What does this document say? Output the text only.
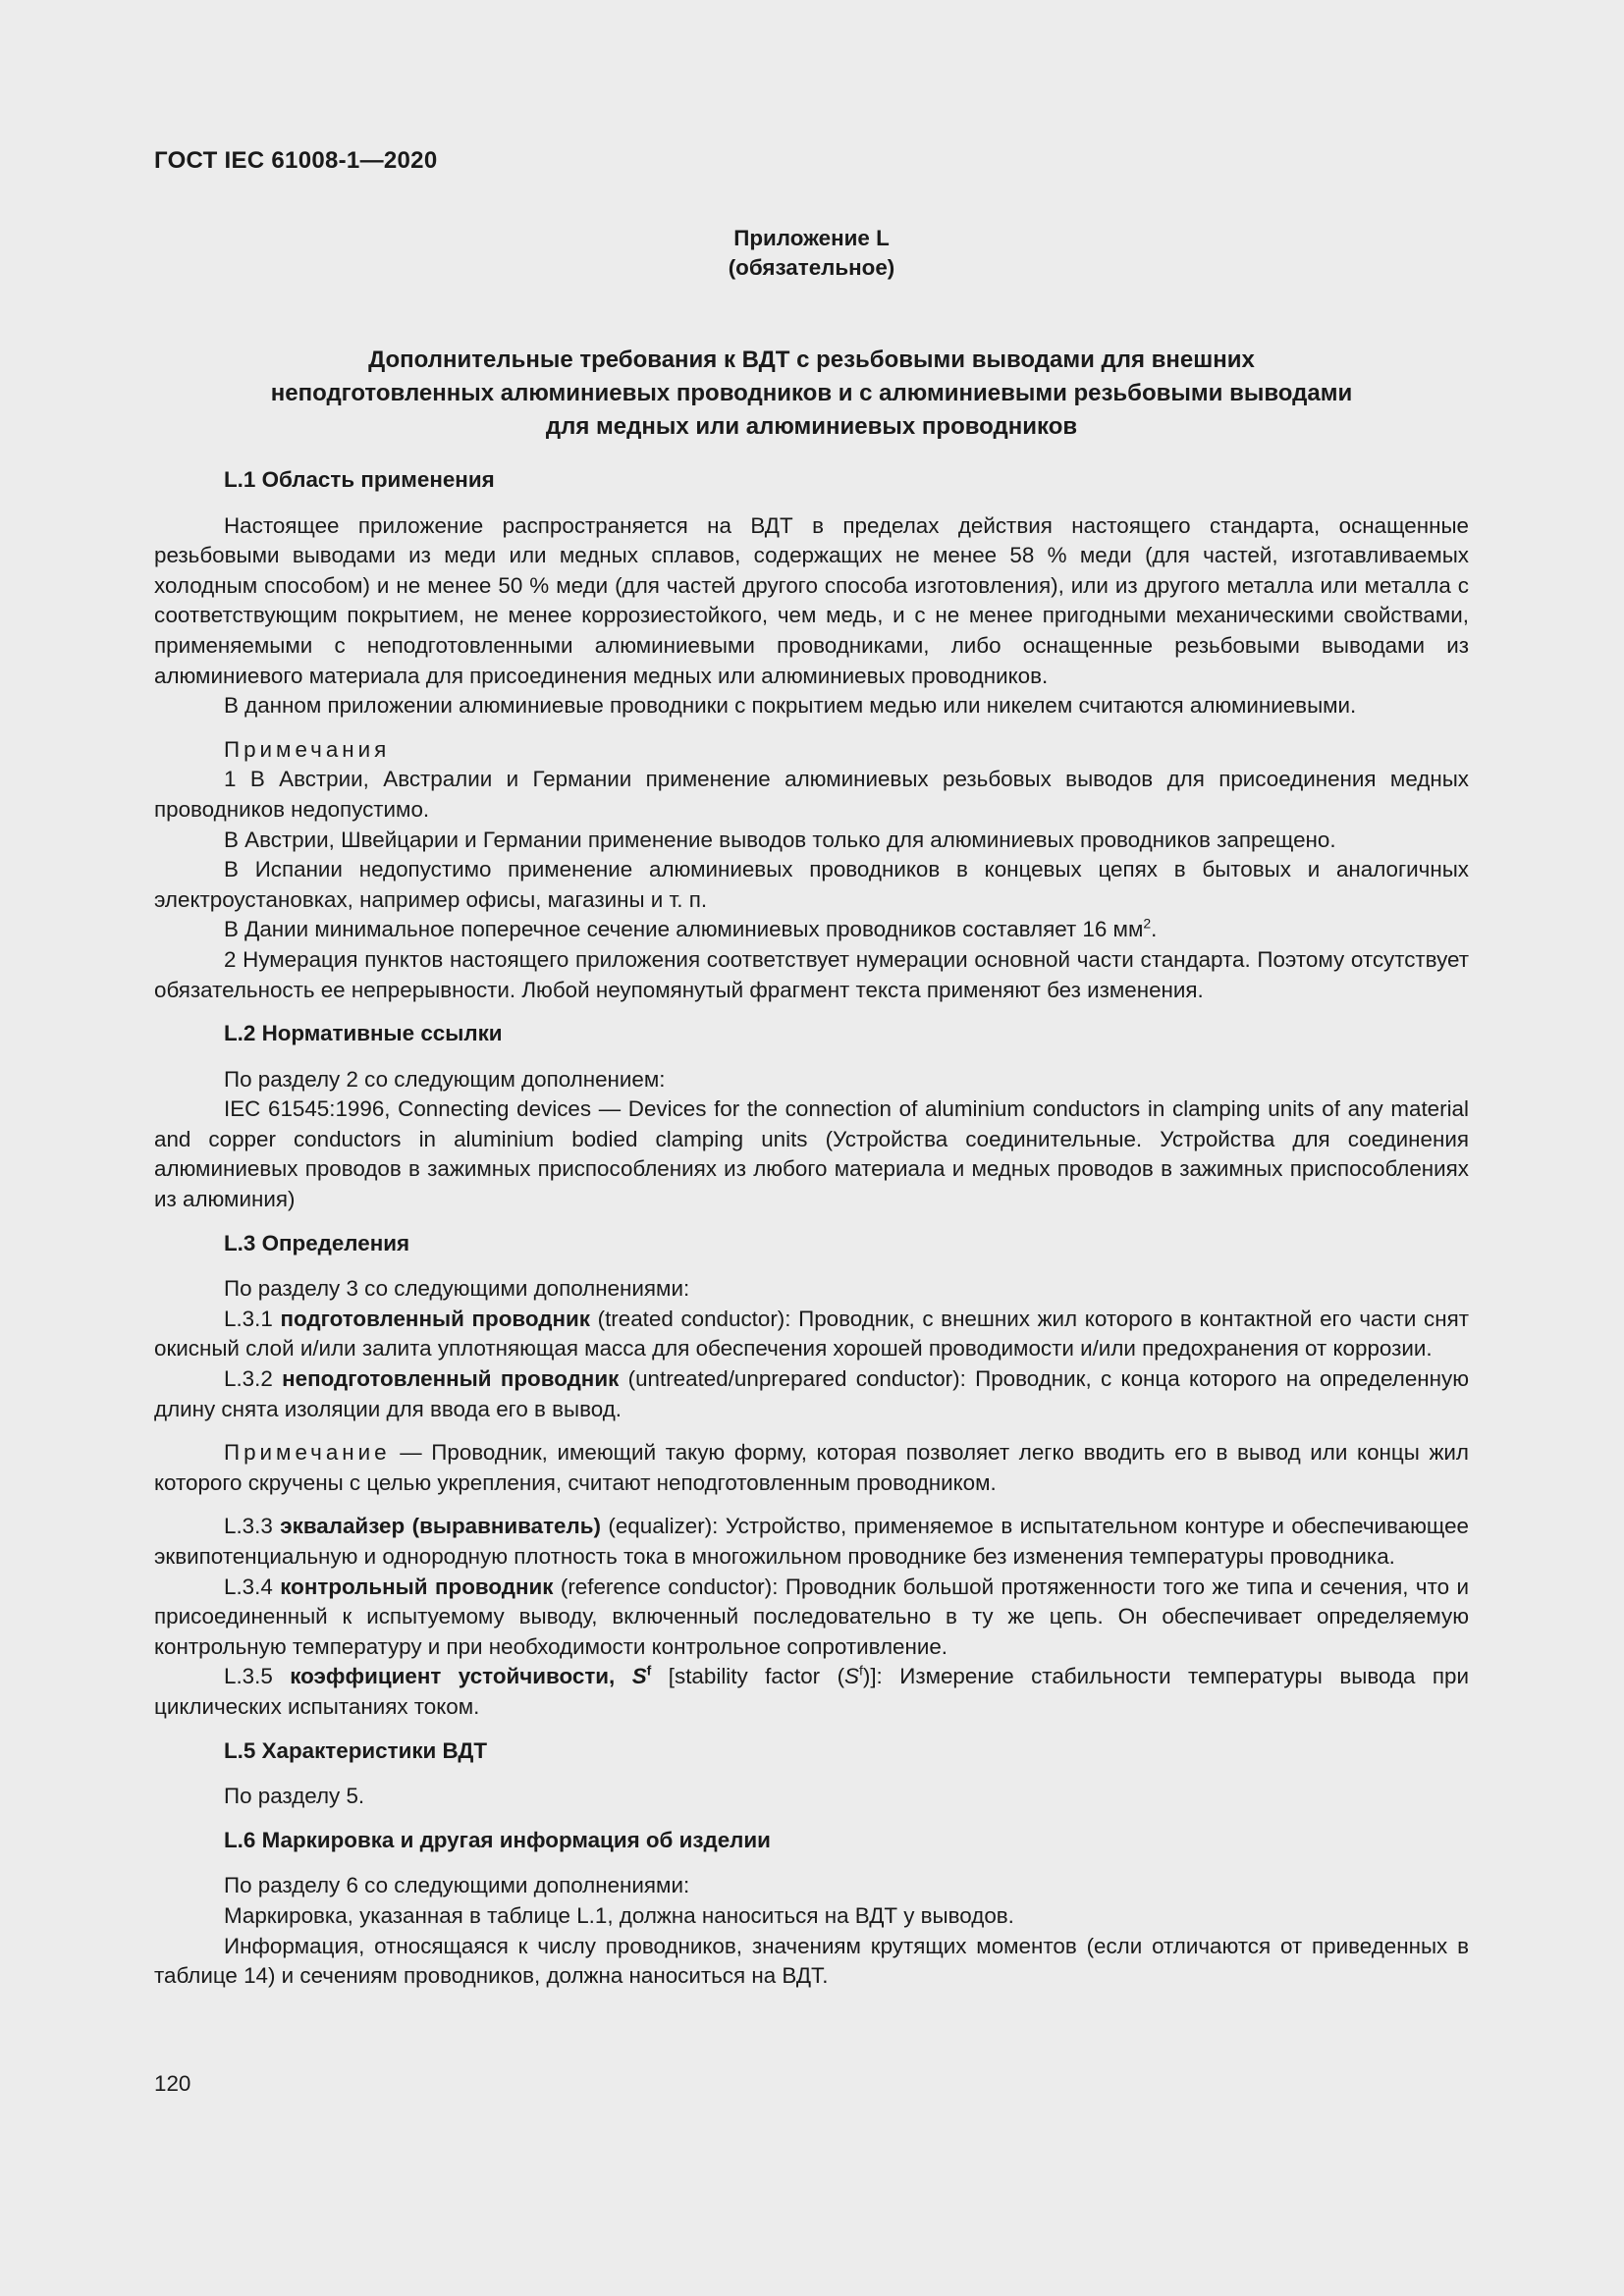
ГОСТ IEC 61008-1—2020
Приложение L
(обязательное)
Дополнительные требования к ВДТ с резьбовыми выводами для внешних
неподготовленных алюминиевых проводников и с алюминиевыми резьбовыми выводами
для медных или алюминиевых проводников
L.1 Область применения

Настоящее приложение распространяется на ВДТ в пределах действия настоящего стандарта, оснащенные резьбовыми выводами из меди или медных сплавов, содержащих не менее 58 % меди (для частей, изготавливаемых холодным способом) и не менее 50 % меди (для частей другого способа изготовления), или из другого металла или металла с соответствующим покрытием, не менее коррозиестойкого, чем медь, и с не менее пригодными механическими свойствами, применяемыми с неподготовленными алюминиевыми проводниками, либо оснащенные резьбовыми выводами из алюминиевого материала для присоединения медных или алюминиевых проводников.

В данном приложении алюминиевые проводники с покрытием медью или никелем считаются алюминиевыми.

Примечания

1 В Австрии, Австралии и Германии применение алюминиевых резьбовых выводов для присоединения медных проводников недопустимо.

В Австрии, Швейцарии и Германии применение выводов только для алюминиевых проводников запрещено.

В Испании недопустимо применение алюминиевых проводников в концевых цепях в бытовых и аналогичных электроустановках, например офисы, магазины и т. п.

В Дании минимальное поперечное сечение алюминиевых проводников составляет 16 $мм^2$.

2 Нумерация пунктов настоящего приложения соответствует нумерации основной части стандарта. Поэтому отсутствует обязательность ее непрерывности. Любой неупомянутый фрагмент текста применяют без изменения.

L.2 Нормативные ссылки

По разделу 2 со следующим дополнением:

IEC 61545:1996, Connecting devices — Devices for the connection of aluminium conductors in clamping units of any material and copper conductors in aluminium bodied clamping units (Устройства соединительные. Устройства для соединения алюминиевых проводов в зажимных приспособлениях из любого материала и медных проводов в зажимных приспособлениях из алюминия)

L.3 Определения

По разделу 3 со следующими дополнениями:

L.3.1 подготовленный проводник (treated conductor): Проводник, с внешних жил которого в контактной его части снят окисный слой и/или залита уплотняющая масса для обеспечения хорошей проводимости и/или предохранения от коррозии.

L.3.2 неподготовленный проводник (untreated/unprepared conductor): Проводник, с конца которого на определенную длину снята изоляции для ввода его в вывод.

Примечание — Проводник, имеющий такую форму, которая позволяет легко вводить его в вывод или концы жил которого скручены с целью укрепления, считают неподготовленным проводником.

L.3.3 эквалайзер (выравниватель) (equalizer): Устройство, применяемое в испытательном контуре и обеспечивающее эквипотенциальную и однородную плотность тока в многожильном проводнике без изменения температуры проводника.

L.3.4 контрольный проводник (reference conductor): Проводник большой протяженности того же типа и сечения, что и присоединенный к испытуемому выводу, включенный последовательно в ту же цепь. Он обеспечивает определяемую контрольную температуру и при необходимости контрольное сопротивление.

L.3.5 коэффициент устойчивости, $S^f$ [stability factor $(S^f)$]: Измерение стабильности температуры вывода при циклических испытаниях током.

L.5 Характеристики ВДТ

По разделу 5.

L.6 Маркировка и другая информация об изделии

По разделу 6 со следующими дополнениями:

Маркировка, указанная в таблице L.1, должна наноситься на ВДТ у выводов.

Информация, относящаяся к числу проводников, значениям крутящих моментов (если отличаются от приведенных в таблице 14) и сечениям проводников, должна наноситься на ВДТ.

120
